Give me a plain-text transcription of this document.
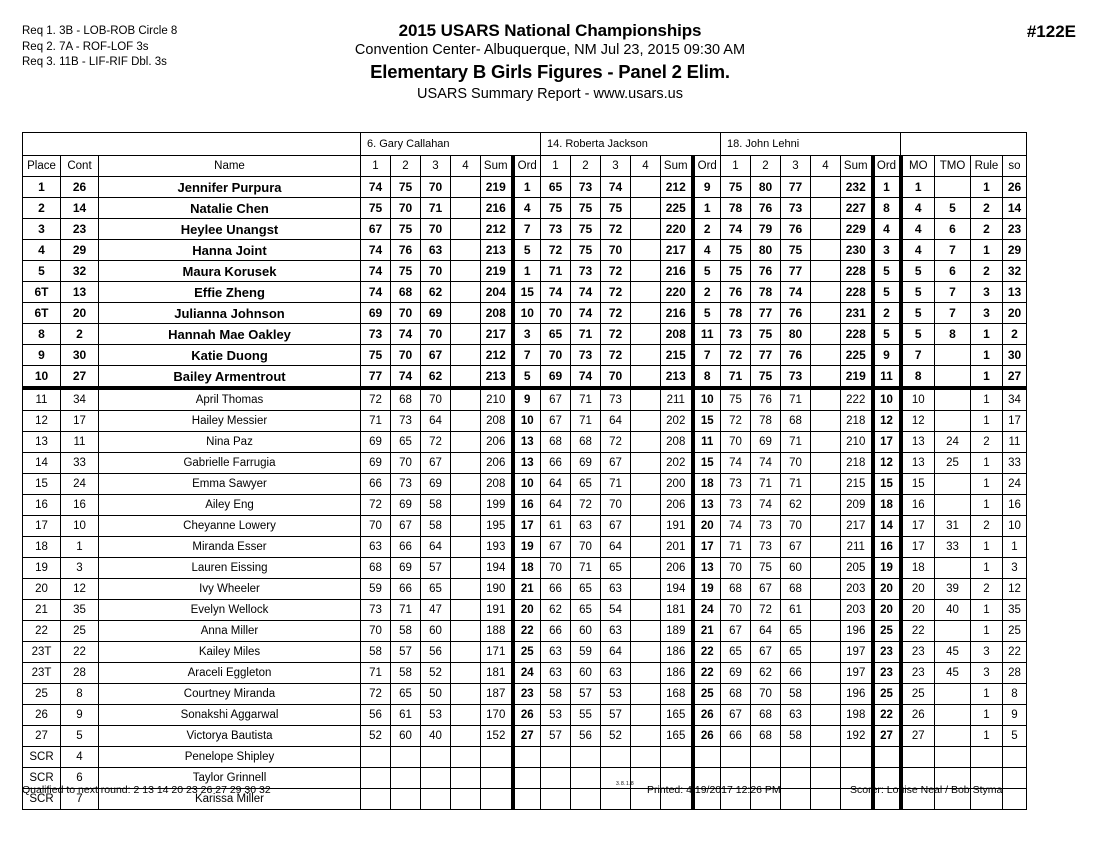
Req 1. 3B - LOB-ROB Circle 8
Req 2. 7A - ROF-LOF 3s
Req 3. 11B - LIF-RIF Dbl. 3s
2015 USARS National Championships
Convention Center- Albuquerque, NM Jul 23, 2015 09:30 AM
Elementary B Girls Figures - Panel 2 Elim.
USARS Summary Report - www.usars.us
#122E
			6. Gary Callahan						14. Roberta Jackson						18. John Lehni									
Place	Cont	Name	1	2	3	4	Sum	Ord	1	2	3	4	Sum	Ord	1	2	3	4	Sum	Ord	MO	TMO	Rule	so
1	26	Jennifer Purpura	74	75	70		219	1	65	73	74		212	9	75	80	77		232	1	1		1	26
2	14	Natalie Chen	75	70	71		216	4	75	75	75		225	1	78	76	73		227	8	4	5	2	14
3	23	Heylee Unangst	67	75	70		212	7	73	75	72		220	2	74	79	76		229	4	4	6	2	23
4	29	Hanna Joint	74	76	63		213	5	72	75	70		217	4	75	80	75		230	3	4	7	1	29
5	32	Maura Korusek	74	75	70		219	1	71	73	72		216	5	75	76	77		228	5	5	6	2	32
6T	13	Effie Zheng	74	68	62		204	15	74	74	72		220	2	76	78	74		228	5	5	7	3	13
6T	20	Julianna Johnson	69	70	69		208	10	70	74	72		216	5	78	77	76		231	2	5	7	3	20
8	2	Hannah Mae Oakley	73	74	70		217	3	65	71	72		208	11	73	75	80		228	5	5	8	1	2
9	30	Katie Duong	75	70	67		212	7	70	73	72		215	7	72	77	76		225	9	7		1	30
10	27	Bailey Armentrout	77	74	62		213	5	69	74	70		213	8	71	75	73		219	11	8		1	27
11	34	April Thomas	72	68	70		210	9	67	71	73		211	10	75	76	71		222	10	10		1	34
12	17	Hailey Messier	71	73	64		208	10	67	71	64		202	15	72	78	68		218	12	12		1	17
13	11	Nina Paz	69	65	72		206	13	68	68	72		208	11	70	69	71		210	17	13	24	2	11
14	33	Gabrielle Farrugia	69	70	67		206	13	66	69	67		202	15	74	74	70		218	12	13	25	1	33
15	24	Emma Sawyer	66	73	69		208	10	64	65	71		200	18	73	71	71		215	15	15		1	24
16	16	Ailey Eng	72	69	58		199	16	64	72	70		206	13	73	74	62		209	18	16		1	16
17	10	Cheyanne Lowery	70	67	58		195	17	61	63	67		191	20	74	73	70		217	14	17	31	2	10
18	1	Miranda Esser	63	66	64		193	19	67	70	64		201	17	71	73	67		211	16	17	33	1	1
19	3	Lauren Eissing	68	69	57		194	18	70	71	65		206	13	70	75	60		205	19	18		1	3
20	12	Ivy Wheeler	59	66	65		190	21	66	65	63		194	19	68	67	68		203	20	20	39	2	12
21	35	Evelyn Wellock	73	71	47		191	20	62	65	54		181	24	70	72	61		203	20	20	40	1	35
22	25	Anna Miller	70	58	60		188	22	66	60	63		189	21	67	64	65		196	25	22		1	25
23T	22	Kailey Miles	58	57	56		171	25	63	59	64		186	22	65	67	65		197	23	23	45	3	22
23T	28	Araceli Eggleton	71	58	52		181	24	63	60	63		186	22	69	62	66		197	23	23	45	3	28
25	8	Courtney Miranda	72	65	50		187	23	58	57	53		168	25	68	70	58		196	25	25		1	8
26	9	Sonakshi Aggarwal	56	61	53		170	26	53	55	57		165	26	67	68	63		198	22	26		1	9
27	5	Victorya Bautista	52	60	40		152	27	57	56	52		165	26	66	68	58		192	27	27		1	5
SCR	4	Penelope Shipley																						
SCR	6	Taylor Grinnell																						
SCR	7	Karissa Miller																						
Qualified to next round: 2 13 14 20 23 26 27 29 30 32	3.8.1.8 Printed: 4/19/2017 12:26 PM	Scorer: Louise Neal / Bob Styma
